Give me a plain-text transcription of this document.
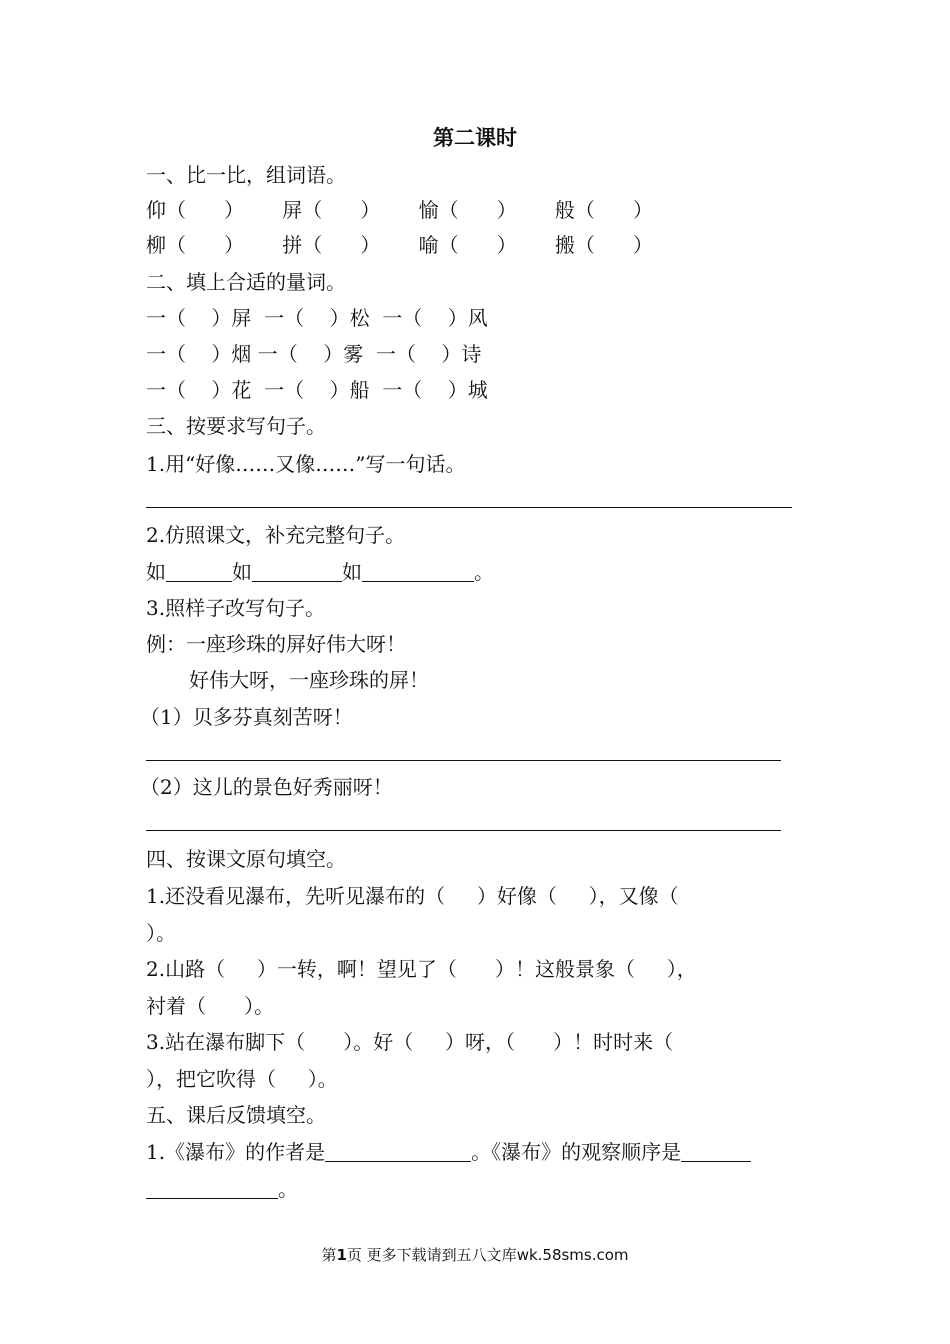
第二课时
一、比一比，组词语。
仰（      ）      屏（      ）      愉（      ）      般（      ）
柳（      ）      拼（      ）      喻（      ）      搬（      ）
二、填上合适的量词。
一（    ）屏  一（    ）松  一（    ）风
一（    ）烟 一（    ）雾  一（    ）诗
一（    ）花  一（    ）船  一（    ）城
三、按要求写句子。
1.用“好像……又像……”写一句话。
2.仿照课文，补充完整句子。
如	如	如	。
3.照样子改写句子。
例：一座珍珠的屏好伟大呀！
好伟大呀，一座珍珠的屏！
（1）贝多芬真刻苦呀！
（2）这儿的景色好秀丽呀！
四、按课文原句填空。
1.还没看见瀑布，先听见瀑布的（     ）好像（     ），又像（
）。
2.山路（     ）一转，啊！望见了（      ）！这般景象（     ），
衬着（      ）。
3.站在瀑布脚下（      ）。好（     ）呀，（      ）！时时来（
），把它吹得（     ）。
五、课后反馈填空。
1.《瀑布》的作者是	。《瀑布》的观察顺序是
。
第1页 更多下载请到五八文库wk.58sms.com
